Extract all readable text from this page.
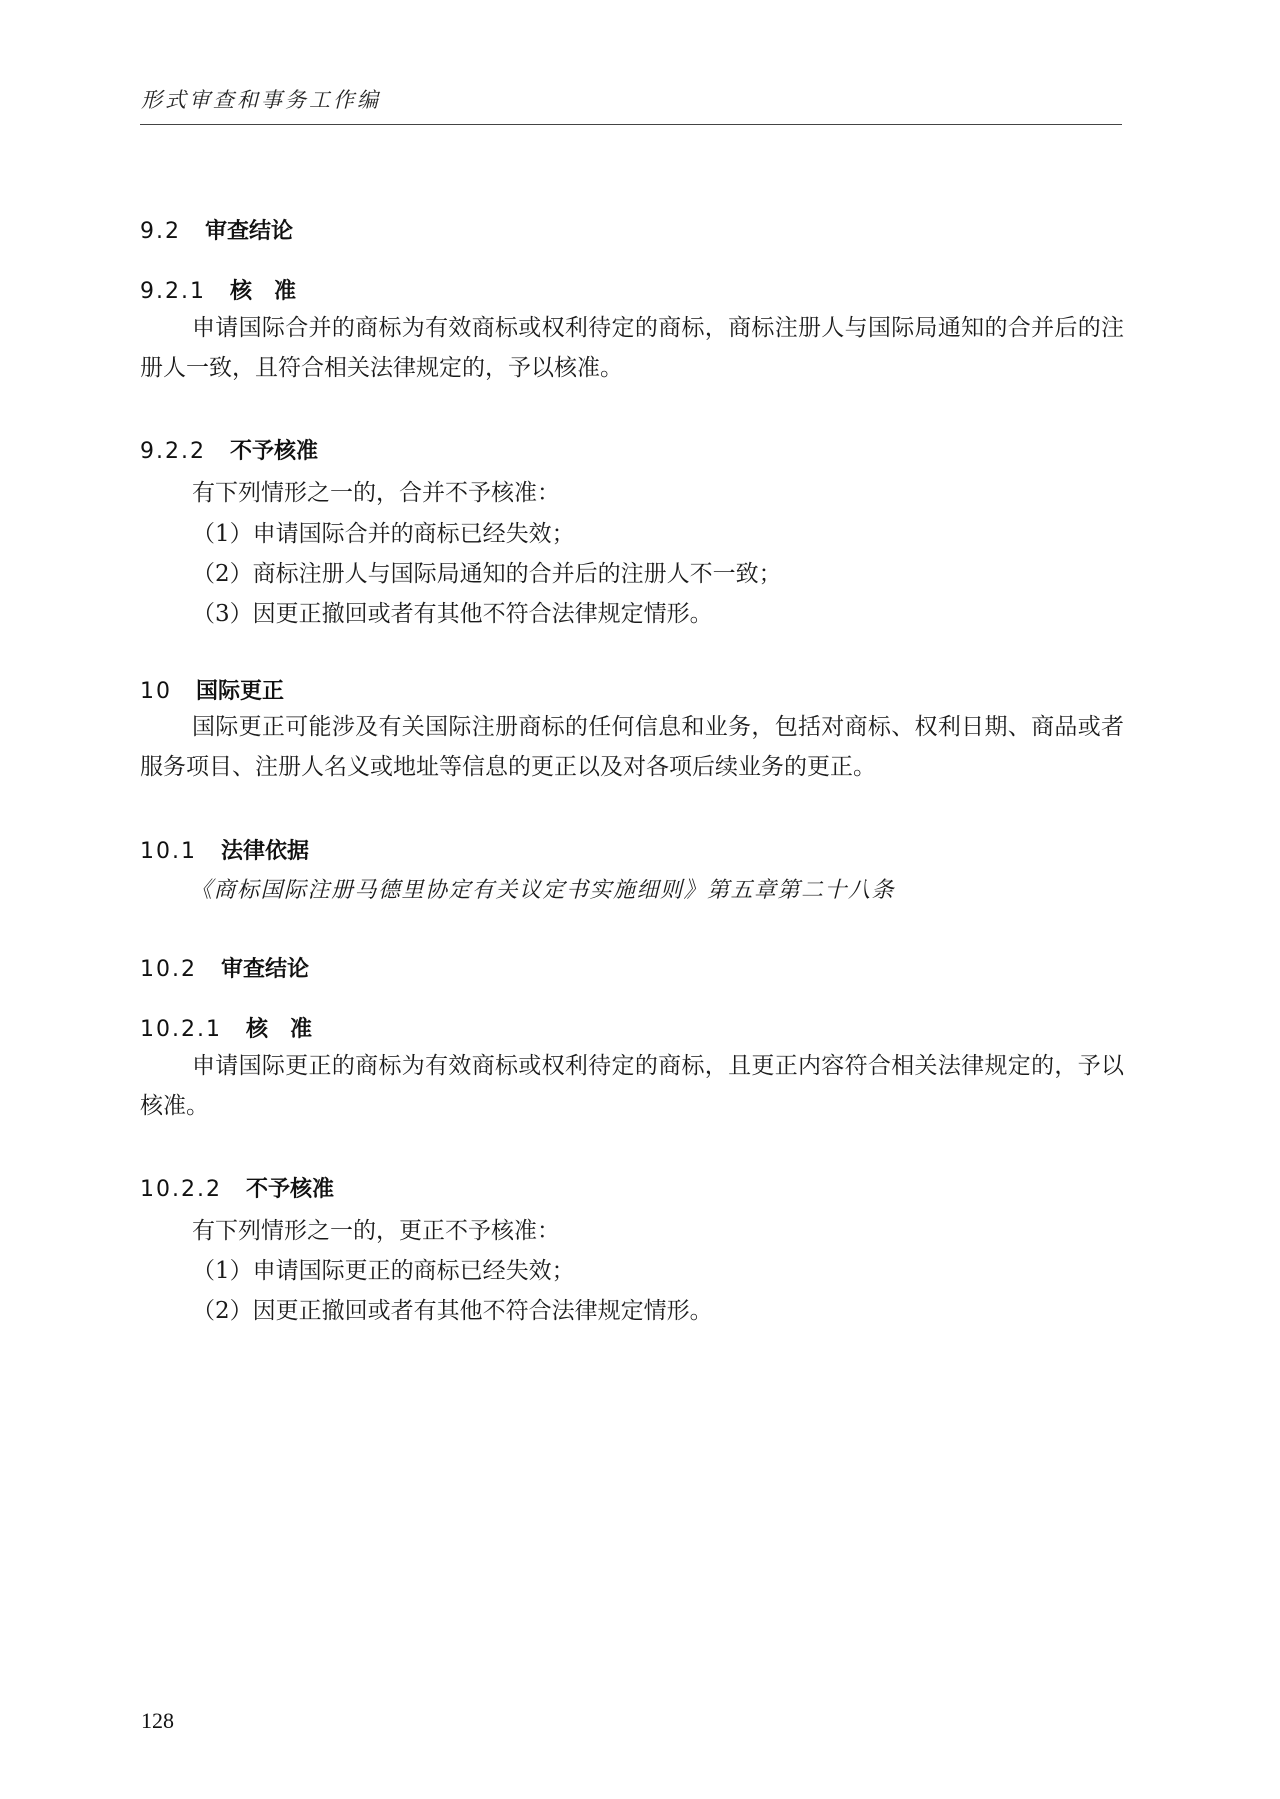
形式审查和事务工作编
9.2 审查结论
9.2.1 核　准
申请国际合并的商标为有效商标或权利待定的商标，商标注册人与国际局通知的合并后的注册人一致，且符合相关法律规定的，予以核准。
9.2.2 不予核准
有下列情形之一的，合并不予核准：
（1）申请国际合并的商标已经失效；
（2）商标注册人与国际局通知的合并后的注册人不一致；
（3）因更正撤回或者有其他不符合法律规定情形。
10 国际更正
国际更正可能涉及有关国际注册商标的任何信息和业务，包括对商标、权利日期、商品或者服务项目、注册人名义或地址等信息的更正以及对各项后续业务的更正。
10.1 法律依据
《商标国际注册马德里协定有关议定书实施细则》第五章第二十八条
10.2 审查结论
10.2.1 核　准
申请国际更正的商标为有效商标或权利待定的商标，且更正内容符合相关法律规定的，予以核准。
10.2.2 不予核准
有下列情形之一的，更正不予核准：
（1）申请国际更正的商标已经失效；
（2）因更正撤回或者有其他不符合法律规定情形。
128
